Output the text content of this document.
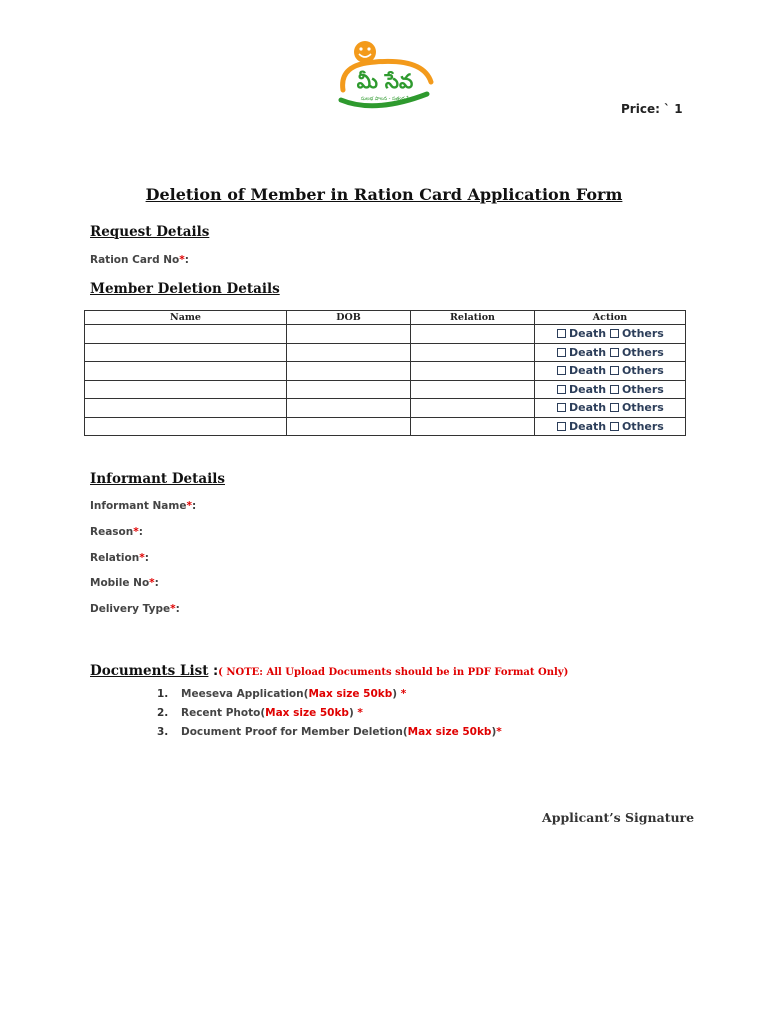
మీ సేవ
సులభ పాలన - సత్వర సేవ
Price: ` 1
Deletion of Member in Ration Card Application Form
Request Details
Ration Card No*:
Member Deletion Details
Name	DOB	Relation	Action
			Death Others
			Death Others
			Death Others
			Death Others
			Death Others
			Death Others
Informant Details
Informant Name*:
Reason*:
Relation*:
Mobile No*:
Delivery Type*:
Documents List :( NOTE: All Upload Documents should be in PDF Format Only)
1. Meeseva Application(Max size 50kb) *
2. Recent Photo(Max size 50kb) *
3. Document Proof for Member Deletion(Max size 50kb)*
Applicant’s Signature
